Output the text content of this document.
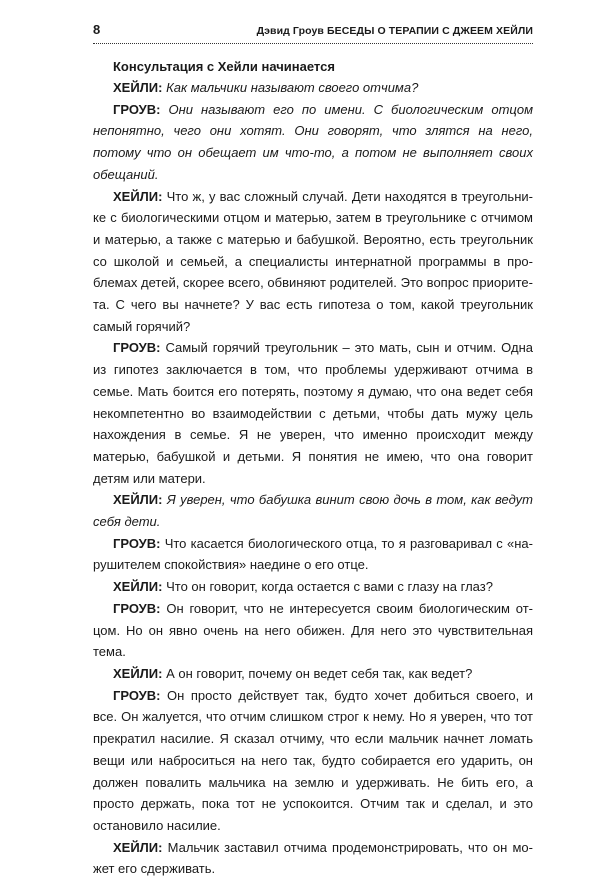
8	Дэвид Гроув БЕСЕДЫ О ТЕРАПИИ С ДЖЕЕМ ХЕЙЛИ

Консультация с Хейли начинается

ХЕЙЛИ: Как мальчики называют своего отчима?

ГРОУВ: Они называют его по имени. С биологическим отцом непонятно, чего они хотят. Они говорят, что злятся на него, потому что он обещает им что-то, а потом не выполняет своих обещаний.

ХЕЙЛИ: Что ж, у вас сложный случай. Дети находятся в треугольнике с биологическими отцом и матерью, затем в треугольнике с отчимом и матерью, а также с матерью и бабушкой. Вероятно, есть треугольник со школой и семьей, а специалисты интернатной программы в проблемах детей, скорее всего, обвиняют родителей. Это вопрос приоритета. С чего вы начнете? У вас есть гипотеза о том, какой треугольник самый горячий?

ГРОУВ: Самый горячий треугольник – это мать, сын и отчим. Одна из гипотез заключается в том, что проблемы удерживают отчима в семье. Мать боится его потерять, поэтому я думаю, что она ведет себя некомпетентно во взаимодействии с детьми, чтобы дать мужу цель нахождения в семье. Я не уверен, что именно происходит между матерью, бабушкой и детьми. Я понятия не имею, что она говорит детям или матери.

ХЕЙЛИ: Я уверен, что бабушка винит свою дочь в том, как ведут себя дети.

ГРОУВ: Что касается биологического отца, то я разговаривал с «нарушителем спокойствия» наедине о его отце.

ХЕЙЛИ: Что он говорит, когда остается с вами с глазу на глаз?

ГРОУВ: Он говорит, что не интересуется своим биологическим отцом. Но он явно очень на него обижен. Для него это чувствительная тема.

ХЕЙЛИ: А он говорит, почему он ведет себя так, как ведет?

ГРОУВ: Он просто действует так, будто хочет добиться своего, и все. Он жалуется, что отчим слишком строг к нему. Но я уверен, что тот прекратил насилие. Я сказал отчиму, что если мальчик начнет ломать вещи или наброситься на него так, будто собирается его ударить, он должен повалить мальчика на землю и удерживать. Не бить его, а просто держать, пока тот не успокоится. Отчим так и сделал, и это остановило насилие.

ХЕЙЛИ: Мальчик заставил отчима продемонстрировать, что он может его сдерживать.
